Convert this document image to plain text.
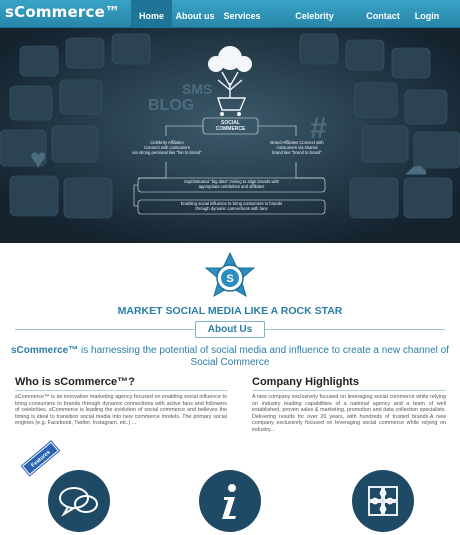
sCommerce™	Home	About us Services	Celebrity	Contact	Login
BLOG
SMS
#
♥	☁
SOCIAL
COMMERCE
Celebrity Affiliates
Connect with consumers
via strong personal ties "fan to brand"
Brand Affiliates Connect with
consumers via shared
brand ties "brand to brand"
Sophisticated "big data" mining to align brands with
appropriate celebrities and affiliates
Enabling social influence to bring consumers to brands
through dynamic connections with fans
S
MARKET SOCIAL MEDIA LIKE A ROCK STAR
About Us
sCommerce™ is harnessing the potential of social media and influence to create a new channel of Social Commerce
Who is sCommerce™?
sCommerce™ is an innovative marketing agency focused on enabling social influence to bring consumers to brands through dynamic connections with active fans and followers of celebrities. sCommerce is leading the evolution of social commerce and believes the timing is ideal to transition social media into new commerce models. The primary social engines (e.g. Facebook, Twitter, Instagram, etc.) ...
Company Highlights
A new company exclusively focused on leveraging social commerce while relying on industry leading capabilities of a national agency and a team of well established, proven sales & marketing, promotion and data collection specialists. Delivering results for over 20 years, with hundreds of trusted brands.A new company exclusively focused on leveraging social commerce while relying on industry...
Features
